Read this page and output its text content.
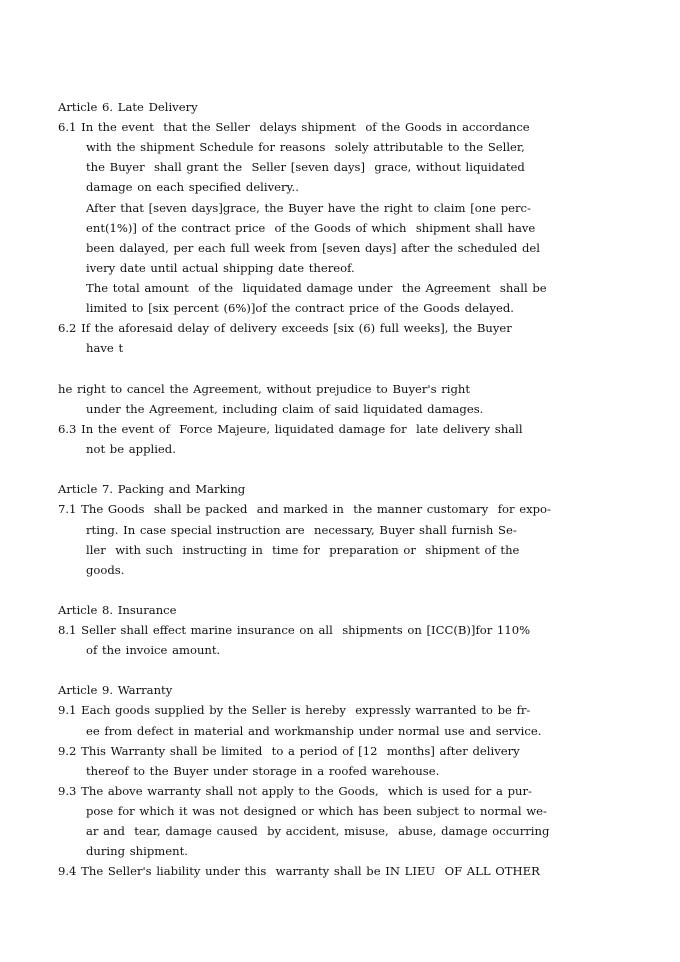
Article 6. Late Delivery
6.1 In the event  that the Seller  delays shipment  of the Goods in accordance
with the shipment Schedule for reasons  solely attributable to the Seller,
the Buyer  shall grant the  Seller [seven days]  grace, without liquidated
damage on each specified delivery..
After that [seven days]grace, the Buyer have the right to claim [one perc-
ent(1%)] of the contract price  of the Goods of which  shipment shall have
been dalayed, per each full week from [seven days] after the scheduled del
ivery date until actual shipping date thereof.
The total amount  of the  liquidated damage under  the Agreement  shall be
limited to [six percent (6%)]of the contract price of the Goods delayed.
6.2 If the aforesaid delay of delivery exceeds [six (6) full weeks], the Buyer
have t
he right to cancel the Agreement, without prejudice to Buyer's right
under the Agreement, including claim of said liquidated damages.
6.3 In the event of  Force Majeure, liquidated damage for  late delivery shall
not be applied.
Article 7. Packing and Marking
7.1 The Goods  shall be packed  and marked in  the manner customary  for expo-
rting. In case special instruction are  necessary, Buyer shall furnish Se-
ller  with such  instructing in  time for  preparation or  shipment of the
goods.
Article 8. Insurance
8.1 Seller shall effect marine insurance on all  shipments on [ICC(B)]for 110%
of the invoice amount.
Article 9. Warranty
9.1 Each goods supplied by the Seller is hereby  expressly warranted to be fr-
ee from defect in material and workmanship under normal use and service.
9.2 This Warranty shall be limited  to a period of [12  months] after delivery
thereof to the Buyer under storage in a roofed warehouse.
9.3 The above warranty shall not apply to the Goods,  which is used for a pur-
pose for which it was not designed or which has been subject to normal we-
ar and  tear, damage caused  by accident, misuse,  abuse, damage occurring
during shipment.
9.4 The Seller's liability under this  warranty shall be IN LIEU  OF ALL OTHER
